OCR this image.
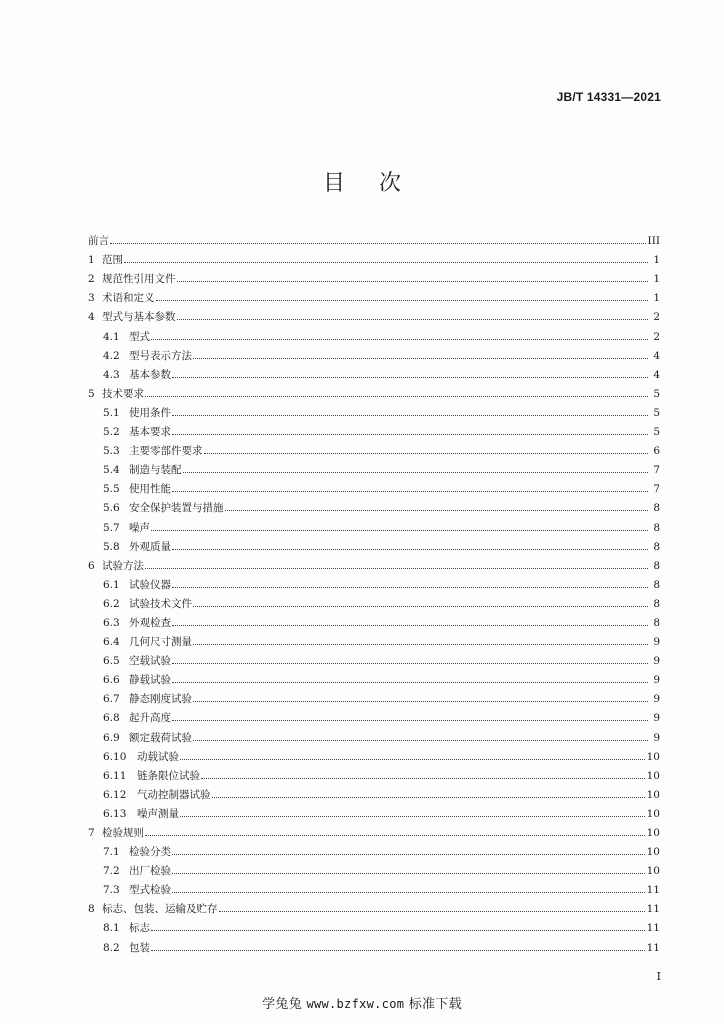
JB/T 14331—2021
目次
前言	III
1 范围	1
2 规范性引用文件	1
3 术语和定义	1
4 型式与基本参数	2
4.1 型式	2
4.2 型号表示方法	4
4.3 基本参数	4
5 技术要求	5
5.1 使用条件	5
5.2 基本要求	5
5.3 主要零部件要求	6
5.4 制造与装配	7
5.5 使用性能	7
5.6 安全保护装置与措施	8
5.7 噪声	8
5.8 外观质量	8
6 试验方法	8
6.1 试验仪器	8
6.2 试验技术文件	8
6.3 外观检查	8
6.4 几何尺寸测量	9
6.5 空载试验	9
6.6 静载试验	9
6.7 静态刚度试验	9
6.8 起升高度	9
6.9 额定载荷试验	9
6.10	动载试验	10
6.11	链条限位试验	10
6.12	气动控制器试验	10
6.13	噪声测量	10
7 检验规则	10
7.1 检验分类	10
7.2 出厂检验	10
7.3 型式检验	11
8 标志、包装、运输及贮存	11
8.1 标志	11
8.2 包装	11
I
学兔兔 www.bzfxw.com 标准下载
